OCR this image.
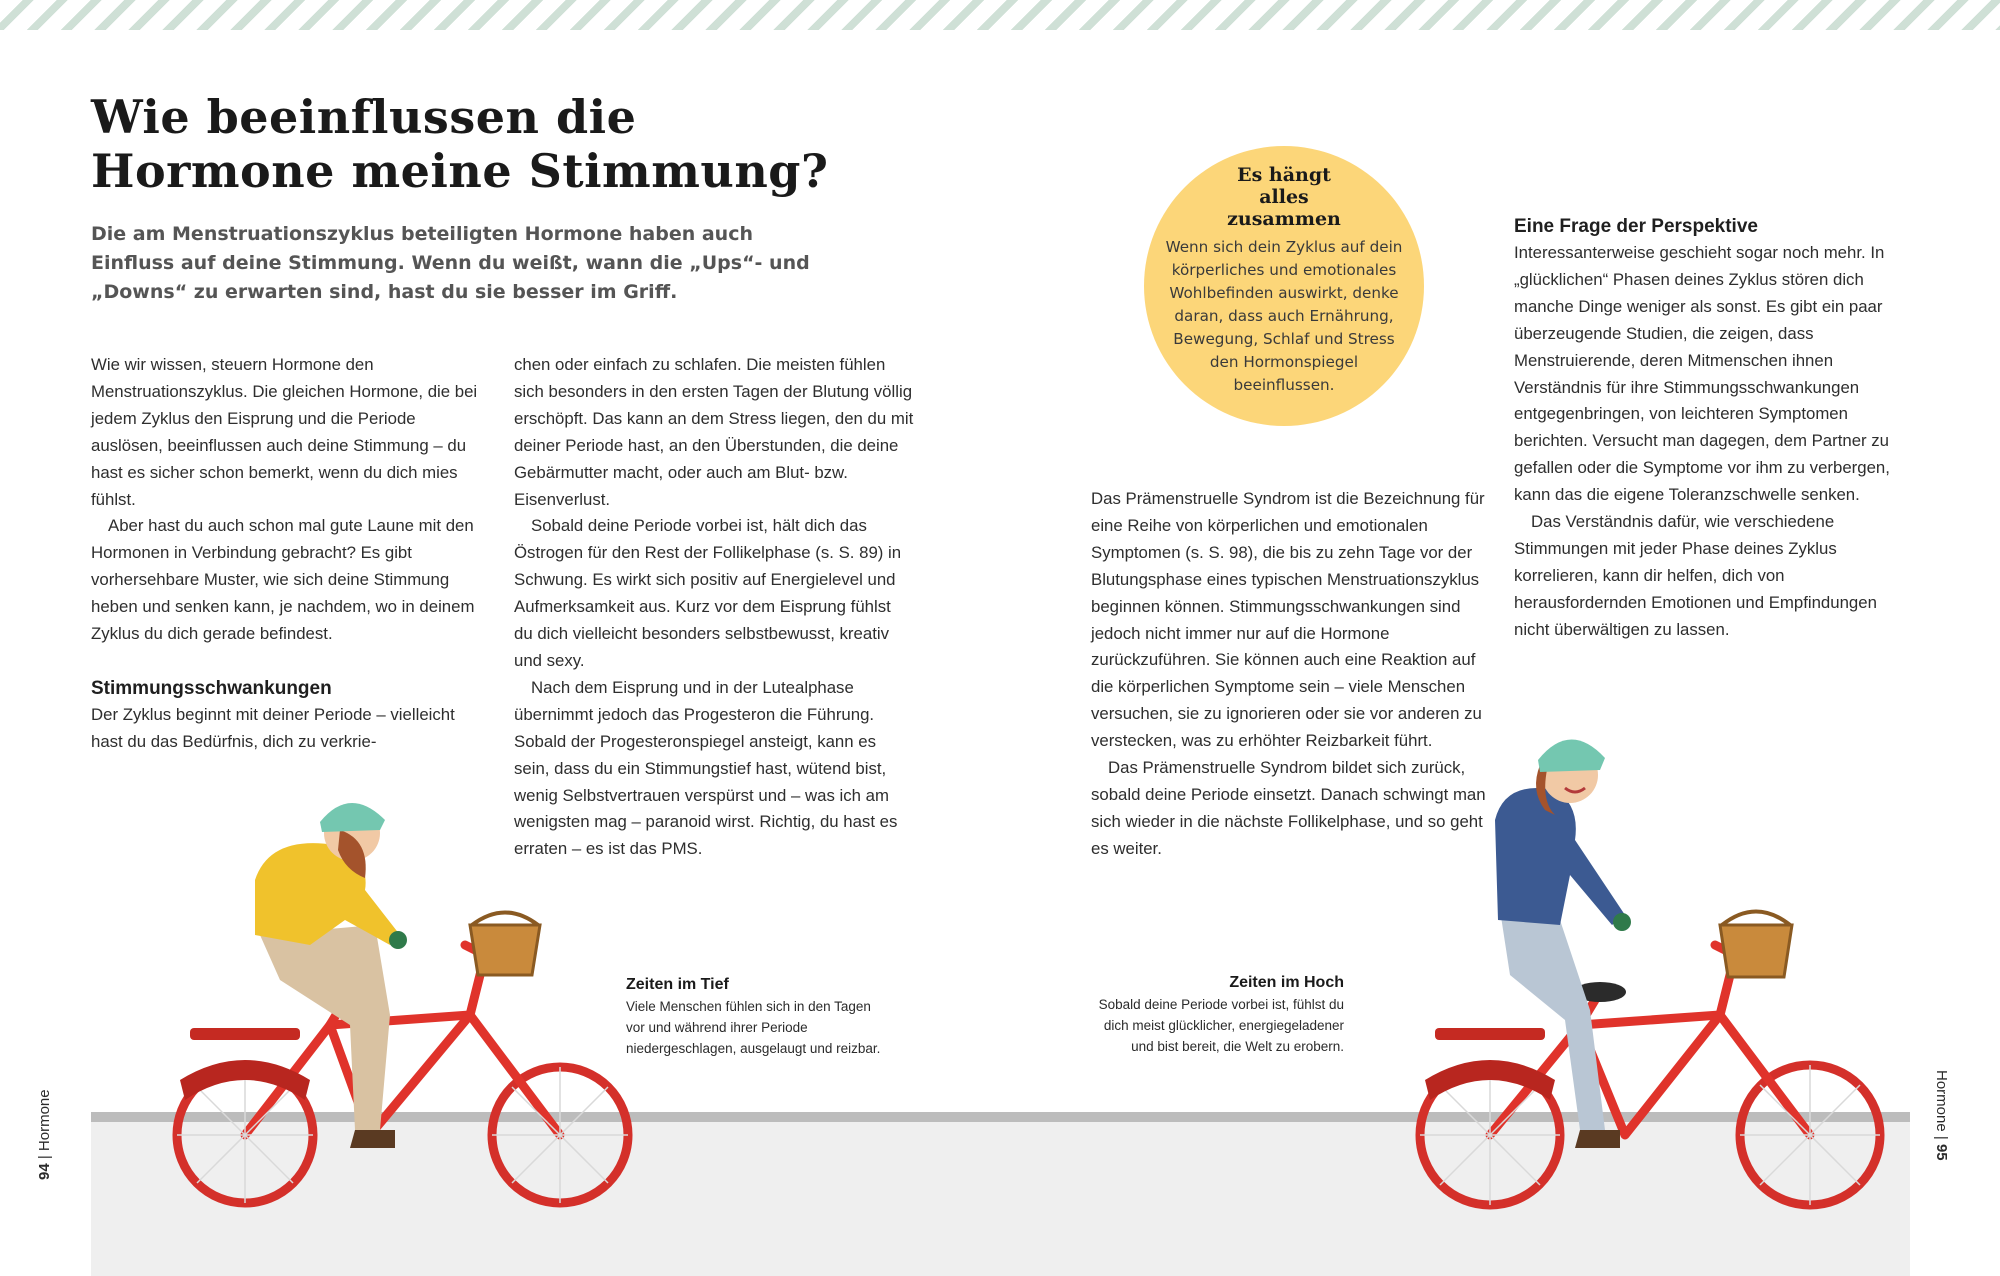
Wie beeinflussen die
Hormone meine Stimmung?

Die am Menstruationszyklus beteiligten Hormone haben auch Einfluss auf deine Stimmung. Wenn du weißt, wann die „Ups“- und „Downs“ zu erwarten sind, hast du sie besser im Griff.

Wie wir wissen, steuern Hormone den Menstruationszyklus. Die gleichen Hormone, die bei jedem Zyklus den Eisprung und die Periode auslösen, beeinflussen auch deine Stimmung – du hast es sicher schon bemerkt, wenn du dich mies fühlst.

Aber hast du auch schon mal gute Laune mit den Hormonen in Verbindung gebracht? Es gibt vorhersehbare Muster, wie sich deine Stimmung heben und senken kann, je nachdem, wo in deinem Zyklus du dich gerade befindest.

Stimmungsschwankungen

Der Zyklus beginnt mit deiner Periode – vielleicht hast du das Bedürfnis, dich zu verkrie-

chen oder einfach zu schlafen. Die meisten fühlen sich besonders in den ersten Tagen der Blutung völlig erschöpft. Das kann an dem Stress liegen, den du mit deiner Periode hast, an den Überstunden, die deine Gebärmutter macht, oder auch am Blut- bzw. Eisenverlust.

Sobald deine Periode vorbei ist, hält dich das Östrogen für den Rest der Follikelphase (s. S. 89) in Schwung. Es wirkt sich positiv auf Energielevel und Aufmerksamkeit aus. Kurz vor dem Eisprung fühlst du dich vielleicht besonders selbstbewusst, kreativ und sexy.

Nach dem Eisprung und in der Lutealphase übernimmt jedoch das Progesteron die Führung. Sobald der Progesteronspiegel ansteigt, kann es sein, dass du ein Stimmungstief hast, wütend bist, wenig Selbstvertrauen verspürst und – was ich am wenigsten mag – paranoid wirst. Richtig, du hast es erraten – es ist das PMS.

Es hängt alles zusammen
Wenn sich dein Zyklus auf dein körperliches und emotionales Wohlbefinden auswirkt, denke daran, dass auch Ernährung, Bewegung, Schlaf und Stress den Hormonspiegel beeinflussen.

Das Prämenstruelle Syndrom ist die Bezeichnung für eine Reihe von körperlichen und emotionalen Symptomen (s. S. 98), die bis zu zehn Tage vor der Blutungsphase eines typischen Menstruationszyklus beginnen können. Stimmungsschwankungen sind jedoch nicht immer nur auf die Hormone zurückzuführen. Sie können auch eine Reaktion auf die körperlichen Symptome sein – viele Menschen versuchen, sie zu ignorieren oder sie vor anderen zu verstecken, was zu erhöhter Reizbarkeit führt.

Das Prämenstruelle Syndrom bildet sich zurück, sobald deine Periode einsetzt. Danach schwingt man sich wieder in die nächste Follikelphase, und so geht es weiter.

Eine Frage der Perspektive

Interessanterweise geschieht sogar noch mehr. In „glücklichen“ Phasen deines Zyklus stören dich manche Dinge weniger als sonst. Es gibt ein paar überzeugende Studien, die zeigen, dass Menstruierende, deren Mitmenschen ihnen Verständnis für ihre Stimmungsschwankungen entgegenbringen, von leichteren Symptomen berichten. Versucht man dagegen, dem Partner zu gefallen oder die Symptome vor ihm zu verbergen, kann das die eigene Toleranzschwelle senken.

Das Verständnis dafür, wie verschiedene Stimmungen mit jeder Phase deines Zyklus korrelieren, kann dir helfen, dich von herausfordernden Emotionen und Empfindungen nicht überwältigen zu lassen.

Zeiten im Tief
Viele Menschen fühlen sich in den Tagen vor und während ihrer Periode niedergeschlagen, ausgelaugt und reizbar.
Zeiten im Hoch
Sobald deine Periode vorbei ist, fühlst du dich meist glücklicher, energiegeladener und bist bereit, die Welt zu erobern.
94 | Hormone	Hormone | 95
